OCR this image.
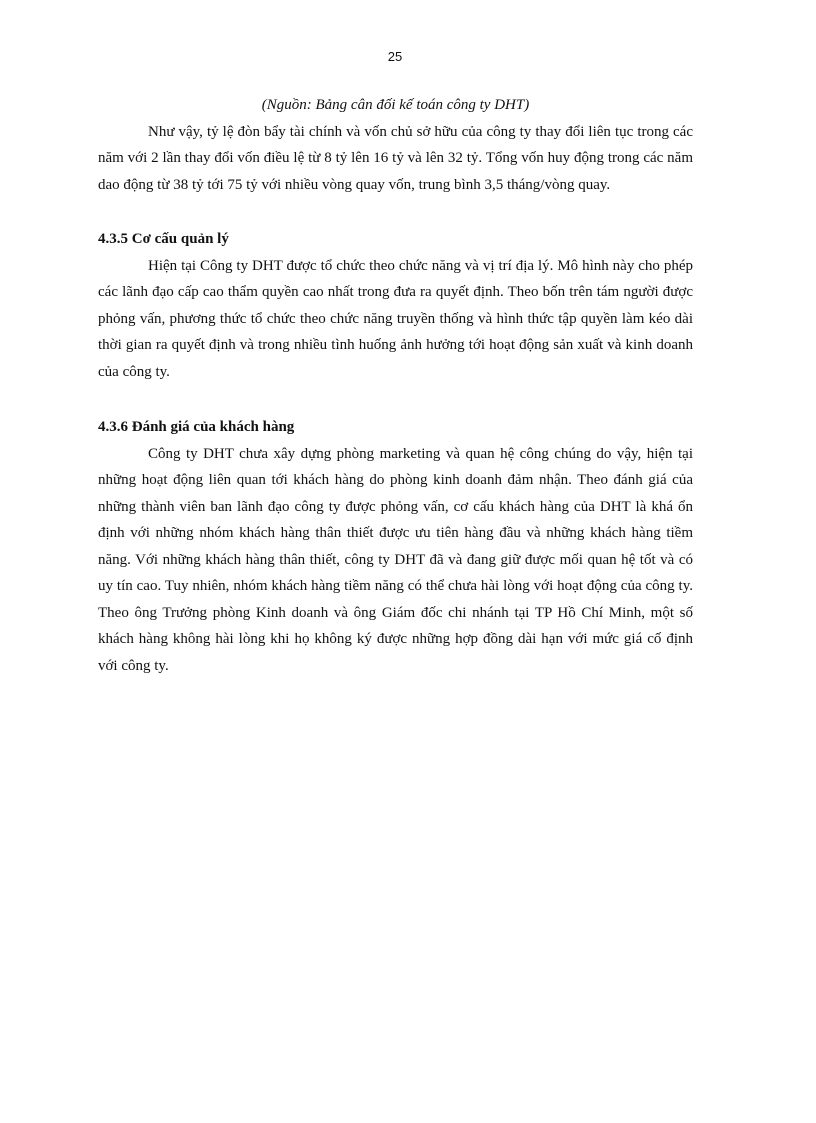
25

(Nguồn: Bảng cân đối kế toán công ty DHT)

Như vậy, tỷ lệ đòn bẩy tài chính và vốn chủ sở hữu của công ty thay đổi liên tục trong các năm với 2 lần thay đổi vốn điều lệ từ 8 tỷ lên 16 tỷ và lên 32 tỷ. Tổng vốn huy động trong các năm dao động từ 38 tỷ tới 75 tỷ với nhiều vòng quay vốn, trung bình 3,5 tháng/vòng quay.

4.3.5 Cơ cấu quản lý

Hiện tại Công ty DHT được tổ chức theo chức năng và vị trí địa lý. Mô hình này cho phép các lãnh đạo cấp cao thẩm quyền cao nhất trong đưa ra quyết định. Theo bốn trên tám người được phỏng vấn, phương thức tổ chức theo chức năng truyền thống và hình thức tập quyền làm kéo dài thời gian ra quyết định và trong nhiều tình huống ảnh hưởng tới hoạt động sản xuất và kinh doanh của công ty.

4.3.6 Đánh giá của khách hàng

Công ty DHT chưa xây dựng phòng marketing và quan hệ công chúng do vậy, hiện tại những hoạt động liên quan tới khách hàng do phòng kinh doanh đảm nhận. Theo đánh giá của những thành viên ban lãnh đạo công ty được phỏng vấn, cơ cấu khách hàng của DHT là khá ổn định với những nhóm khách hàng thân thiết được ưu tiên hàng đầu và những khách hàng tiềm năng. Với những khách hàng thân thiết, công ty DHT đã và đang giữ được mối quan hệ tốt và có uy tín cao. Tuy nhiên, nhóm khách hàng tiềm năng có thể chưa hài lòng với hoạt động của công ty. Theo ông Trưởng phòng Kinh doanh và ông Giám đốc chi nhánh tại TP Hồ Chí Minh, một số khách hàng không hài lòng khi họ không ký được những hợp đồng dài hạn với mức giá cố định với công ty.
